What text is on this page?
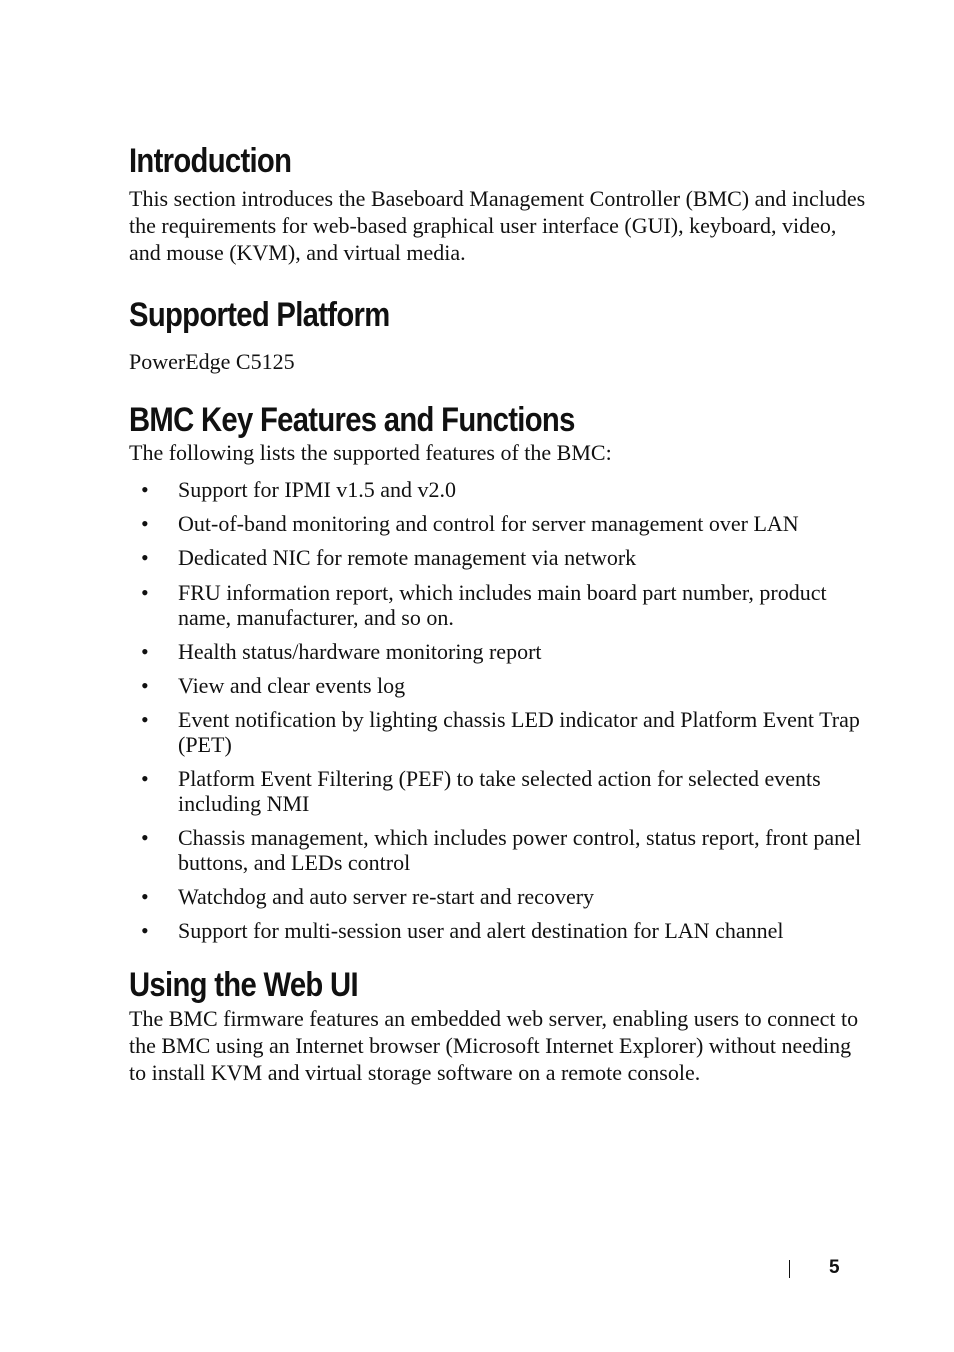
Introduction

This section introduces the Baseboard Management Controller (BMC) and includes the requirements for web-based graphical user interface (GUI), keyboard, video, and mouse (KVM), and virtual media.

Supported Platform

PowerEdge C5125

BMC Key Features and Functions

The following lists the supported features of the BMC:

• Support for IPMI v1.5 and v2.0
• Out-of-band monitoring and control for server management over LAN
• Dedicated NIC for remote management via network
• FRU information report, which includes main board part number, product name, manufacturer, and so on.
• Health status/hardware monitoring report
• View and clear events log
• Event notification by lighting chassis LED indicator and Platform Event Trap (PET)
• Platform Event Filtering (PEF) to take selected action for selected events including NMI
• Chassis management, which includes power control, status report, front panel buttons, and LEDs control
• Watchdog and auto server re-start and recovery
• Support for multi-session user and alert destination for LAN channel
Using the Web UI

The BMC firmware features an embedded web server, enabling users to connect to the BMC using an Internet browser (Microsoft Internet Explorer) without needing to install KVM and virtual storage software on a remote console.

5
